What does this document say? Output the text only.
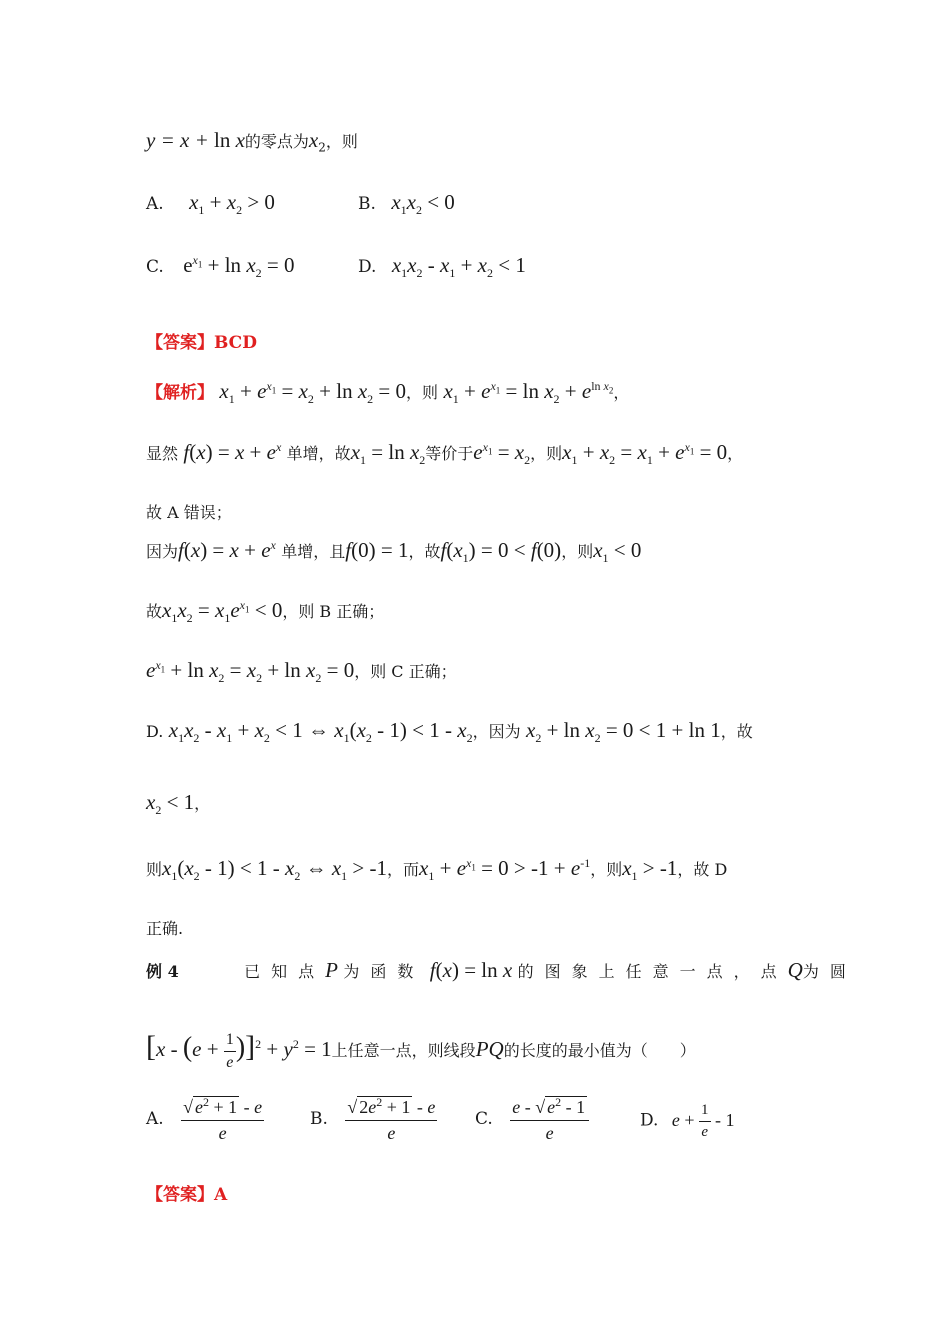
y = x + ln x的零点为$x_2$，则
A. $x_1 + x_2 > 0$	B. $x_1x_2 < 0$
C. $e^{x_1} + \ln x_2 = 0$	D. $x_1x_2 - x_1 + x_2 < 1$
【答案】BCD
【解析】 $x_1 + e^{x_1} = x_2 + \ln x_2 = 0$，则 $x_1 + e^{x_1} = \ln x_2 + e^{ln x_2}$，
显然 $f(x) = x + e^x$ 单增，故$x_1 = \ln x_2$等价于$e^{x_1} = x_2$，则$x_1 + x_2 = x_1 + e^{x_1} = 0$，
故 A 错误；
因为$f(x) = x + e^x$ 单增，且f(0) = 1，故$f(x_1) = 0 < f(0)$，则$x_1 < 0$
故$x_1x_2 = x_1e^{x_1} < 0$，则 B 正确；
$e^{x_1} + \ln x_2 = x_2 + \ln x_2 = 0$，则 C 正确；
D. $x_1x_2 - x_1 + x_2 < 1$ ⇔ $x_1(x_2 - 1) < 1 - x_2$，因为 $x_2 + \ln x_2 = 0 < 1 + \ln 1$，故
$x_2 < 1$，
则$x_1(x_2 - 1) < 1 - x_2$ ⇔ $x_1 > -1$，而$x_1 + e^{x_1} = 0 > -1 + e^{-1}$，则$x_1 > -1$，故 D
正确.
例 4	已知点P 为函数 f(x) = ln x 的图象上任意一点，点Q为圆
$[x - (e + \frac{1}{e} )]^2 + y^2 = 1$上任意一点，则线段PQ的长度的最小值为（　　）
A. $\frac{√ e^2 + 1 - e}{e}$	B. $\frac{√ 2e^2 + 1 - e}{e} C$. $\frac{e - √ e^2 - 1}{e}$	D. $e + \frac{1}{e} - 1$
【答案】A
